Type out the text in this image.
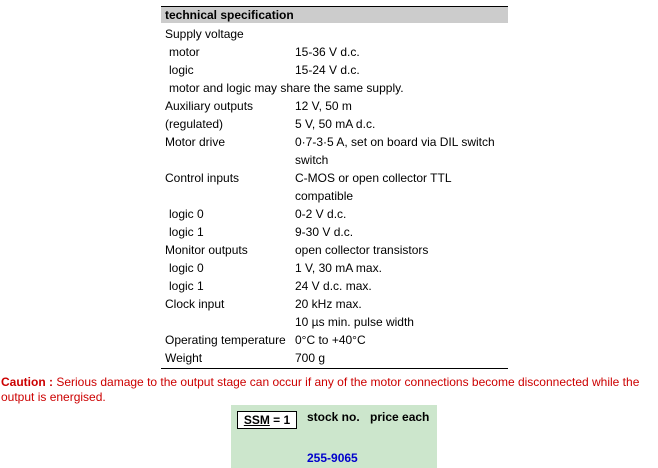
technical specification
Supply voltage
motor	15-36 V d.c.
logic	15-24 V d.c.
motor and logic may share the same supply.
Auxiliary outputs	12 V, 50 m
(regulated)	5 V, 50 mA d.c.
Motor drive	0·7-3·5 A, set on board via DIL switch
switch
Control inputs	C-MOS or open collector TTL
compatible
logic 0	0-2 V d.c.
logic 1	9-30 V d.c.
Monitor outputs	open collector transistors
logic 0	1 V, 30 mA max.
logic 1	24 V d.c. max.
Clock input	20 kHz max.
10 µs min. pulse width
Operating temperature 0°C to +40°C
Weight	700 g
Caution : Serious damage to the output stage can occur if any of the motor connections become disconnected while the output is energised.
SSM = 1	stock no. price each
255-9065
